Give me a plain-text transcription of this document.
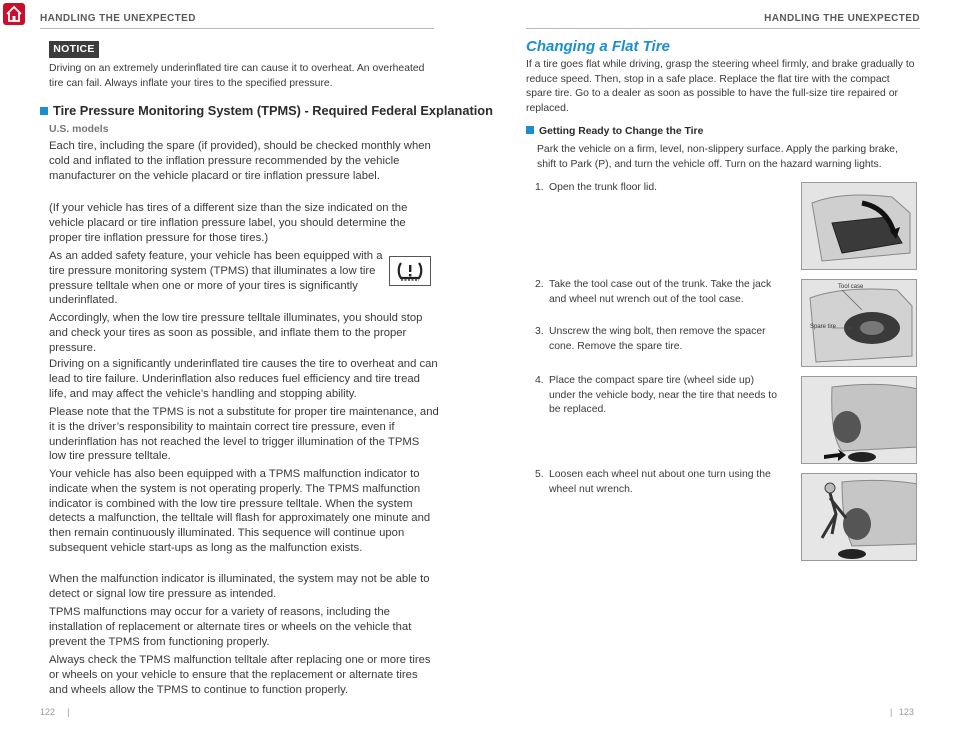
HANDLING THE UNEXPECTED
NOTICE
Driving on an extremely underinflated tire can cause it to overheat. An overheated tire can fail. Always inflate your tires to the specified pressure.
Tire Pressure Monitoring System (TPMS) - Required Federal Explanation
U.S. models
Each tire, including the spare (if provided), should be checked monthly when cold and inflated to the inflation pressure recommended by the vehicle manufacturer on the vehicle placard or tire inflation pressure label.
(If your vehicle has tires of a different size than the size indicated on the vehicle placard or tire inflation pressure label, you should determine the proper tire inflation pressure for those tires.)
As an added safety feature, your vehicle has been equipped with a tire pressure monitoring system (TPMS) that illuminates a low tire pressure telltale when one or more of your tires is significantly underinflated.
Accordingly, when the low tire pressure telltale illuminates, you should stop and check your tires as soon as possible, and inflate them to the proper pressure.
Driving on a significantly underinflated tire causes the tire to overheat and can lead to tire failure. Underinflation also reduces fuel efficiency and tire tread life, and may affect the vehicle’s handling and stopping ability.
Please note that the TPMS is not a substitute for proper tire maintenance, and it is the driver’s responsibility to maintain correct tire pressure, even if underinflation has not reached the level to trigger illumination of the TPMS low tire pressure telltale.
Your vehicle has also been equipped with a TPMS malfunction indicator to indicate when the system is not operating properly. The TPMS malfunction indicator is combined with the low tire pressure telltale. When the system detects a malfunction, the telltale will flash for approximately one minute and then remain continuously illuminated. This sequence will continue upon subsequent vehicle start-ups as long as the malfunction exists.
When the malfunction indicator is illuminated, the system may not be able to detect or signal low tire pressure as intended.
TPMS malfunctions may occur for a variety of reasons, including the installation of replacement or alternate tires or wheels on the vehicle that prevent the TPMS from functioning properly.
Always check the TPMS malfunction telltale after replacing one or more tires or wheels on your vehicle to ensure that the replacement or alternate tires and wheels allow the TPMS to continue to function properly.
122 |
HANDLING THE UNEXPECTED
Changing a Flat Tire
If a tire goes flat while driving, grasp the steering wheel firmly, and brake gradually to reduce speed. Then, stop in a safe place. Replace the flat tire with the compact spare tire. Go to a dealer as soon as possible to have the full-size tire repaired or replaced.
Getting Ready to Change the Tire
Park the vehicle on a firm, level, non-slippery surface. Apply the parking brake, shift to Park (P), and turn the vehicle off. Turn on the hazard warning lights.
1. Open the trunk floor lid.
2. Take the tool case out of the trunk. Take the jack and wheel nut wrench out of the tool case.
3. Unscrew the wing bolt, then remove the spacer cone. Remove the spare tire.
4. Place the compact spare tire (wheel side up) under the vehicle body, near the tire that needs to be replaced.
5. Loosen each wheel nut about one turn using the wheel nut wrench.
Tool case
Spare tire
| 123
